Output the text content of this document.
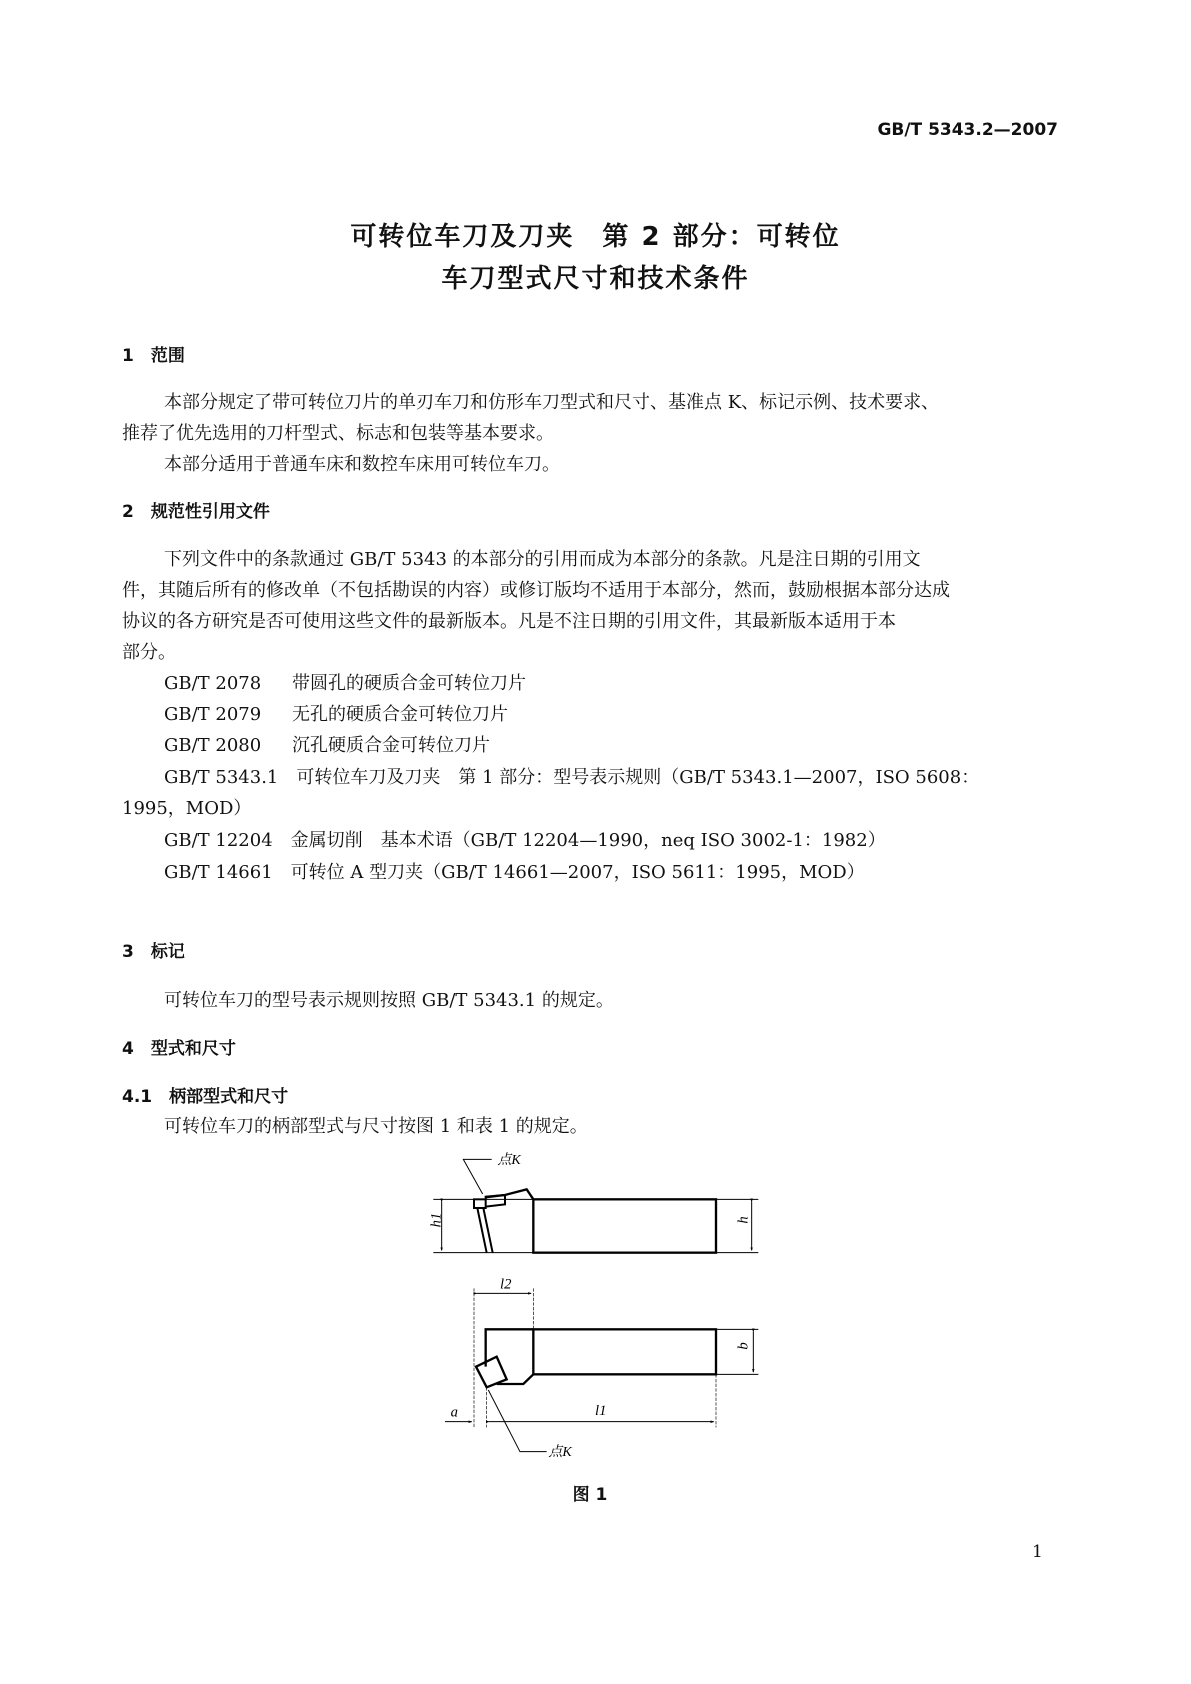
GB/T 5343.2—2007
可转位车刀及刀夹　第 2 部分：可转位
车刀型式尺寸和技术条件
1　 范围
本部分规定了带可转位刀片的单刃车刀和仿形车刀型式和尺寸、基准点 K、标记示例、技术要求、
推荐了优先选用的刀杆型式、标志和包装等基本要求。
本部分适用于普通车床和数控车床用可转位车刀。
2　 规范性引用文件
下列文件中的条款通过 GB/T 5343 的本部分的引用而成为本部分的条款。凡是注日期的引用文
件，其随后所有的修改单（不包括勘误的内容）或修订版均不适用于本部分，然而，鼓励根据本部分达成
协议的各方研究是否可使用这些文件的最新版本。凡是不注日期的引用文件，其最新版本适用于本
部分。
GB/T 2078 带圆孔的硬质合金可转位刀片
GB/T 2079 无孔的硬质合金可转位刀片
GB/T 2080 沉孔硬质合金可转位刀片
GB/T 5343.1　 可转位车刀及刀夹　第 1 部分：型号表示规则（GB/T 5343.1—2007，ISO 5608：
1995，MOD）
GB/T 12204　 金属切削　基本术语（GB/T 12204—1990，neq ISO 3002-1：1982）
GB/T 14661　 可转位 A 型刀夹（GB/T 14661—2007，ISO 5611：1995，MOD）
3　 标记
可转位车刀的型号表示规则按照 GB/T 5343.1 的规定。
4　 型式和尺寸
4.1　 柄部型式和尺寸
可转位车刀的柄部型式与尺寸按图 1 和表 1 的规定。
点K
h1	h
l2
b
l1
a
点K
图 1
1
